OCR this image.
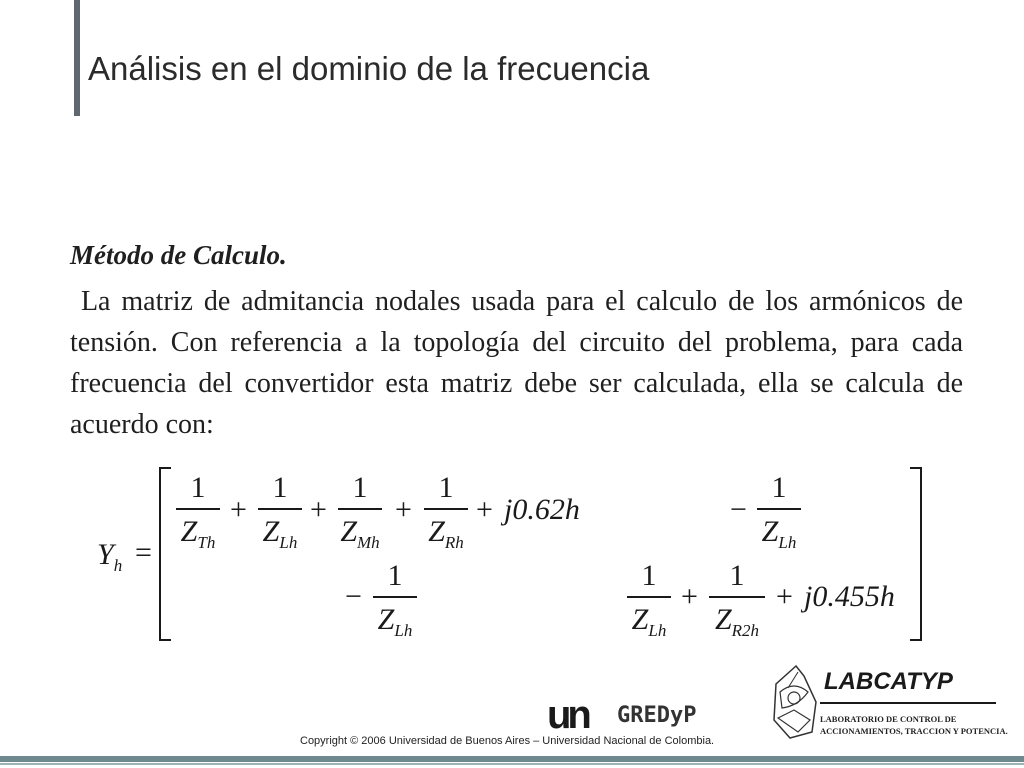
Análisis en el dominio de la frecuencia

Método de Calculo.

La matriz de admitancia nodales usada para el calculo de los armónicos de tensión. Con referencia a la topología del circuito del problema, para cada frecuencia del convertidor esta matriz debe ser calculada, ella se calcula de acuerdo con:

$Y_h$ =
1
$Z_{Th}$
+
1
$Z_{Lh}$
+
1
$Z_{Mh}$
+
1
$Z_{Rh}$
+ j0.62h	−
1
$Z_{Lh}$
−
1
$Z_{Lh}$
1
$Z_{Lh}$
+
1
$Z_{R2h}$
+ j0.455h
un GREDyP
Copyright © 2006 Universidad de Buenos Aires – Universidad Nacional de Colombia.
LABCATYP
LABORATORIO DE CONTROL DE
ACCIONAMIENTOS, TRACCION Y POTENCIA.
